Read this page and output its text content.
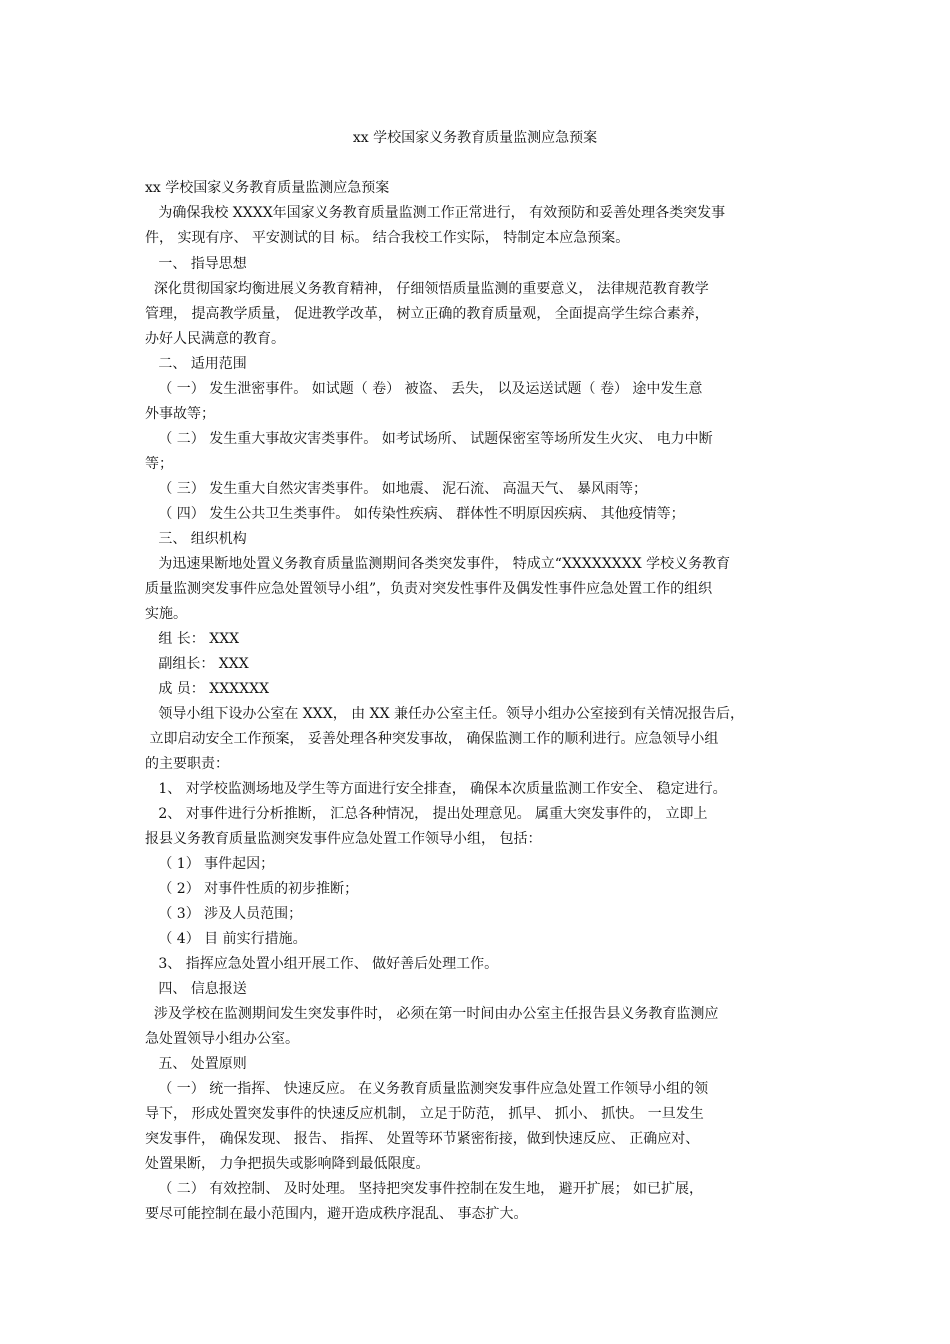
xx 学校国家义务教育质量监测应急预案
xx 学校国家义务教育质量监测应急预案
为确保我校 XXXX年国家义务教育质量监测工作正常进行， 有效预防和妥善处理各类突发事
件， 实现有序、 平安测试的目 标。 结合我校工作实际， 特制定本应急预案。
一、 指导思想
深化贯彻国家均衡进展义务教育精神， 仔细领悟质量监测的重要意义， 法律规范教育教学
管理， 提高教学质量， 促进教学改革， 树立正确的教育质量观， 全面提高学生综合素养，
办好人民满意的教育。
二、 适用范围
（ 一） 发生泄密事件。 如试题（ 卷） 被盗、 丢失， 以及运送试题（ 卷） 途中发生意
外事故等；
（ 二） 发生重大事故灾害类事件。 如考试场所、 试题保密室等场所发生火灾、 电力中断
等；
（ 三） 发生重大自然灾害类事件。 如地震、 泥石流、 高温天气、 暴风雨等；
（ 四） 发生公共卫生类事件。 如传染性疾病、 群体性不明原因疾病、 其他疫情等；
三、 组织机构
为迅速果断地处置义务教育质量监测期间各类突发事件， 特成立“XXXXXXXX 学校义务教育
质量监测突发事件应急处置领导小组”，负责对突发性事件及偶发性事件应急处置工作的组织
实施。
组 长： XXX
副组长： XXX
成 员： XXXXXX
领导小组下设办公室在 XXX， 由 XX 兼任办公室主任。领导小组办公室接到有关情况报告后，
立即启动安全工作预案， 妥善处理各种突发事故， 确保监测工作的顺利进行。应急领导小组
的主要职责：
1、 对学校监测场地及学生等方面进行安全排查， 确保本次质量监测工作安全、 稳定进行。
2、 对事件进行分析推断， 汇总各种情况， 提出处理意见。 属重大突发事件的， 立即上
报县义务教育质量监测突发事件应急处置工作领导小组， 包括：
（ 1） 事件起因；
（ 2） 对事件性质的初步推断；
（ 3） 涉及人员范围；
（ 4） 目 前实行措施。
3、 指挥应急处置小组开展工作、 做好善后处理工作。
四、 信息报送
涉及学校在监测期间发生突发事件时， 必须在第一时间由办公室主任报告县义务教育监测应
急处置领导小组办公室。
五、 处置原则
（ 一） 统一指挥、 快速反应。 在义务教育质量监测突发事件应急处置工作领导小组的领
导下， 形成处置突发事件的快速反应机制， 立足于防范， 抓早、 抓小、 抓快。 一旦发生
突发事件， 确保发现、 报告、 指挥、 处置等环节紧密衔接，做到快速反应、 正确应对、
处置果断， 力争把损失或影响降到最低限度。
（ 二） 有效控制、 及时处理。 坚持把突发事件控制在发生地， 避开扩展； 如已扩展，
要尽可能控制在最小范围内，避开造成秩序混乱、 事态扩大。
